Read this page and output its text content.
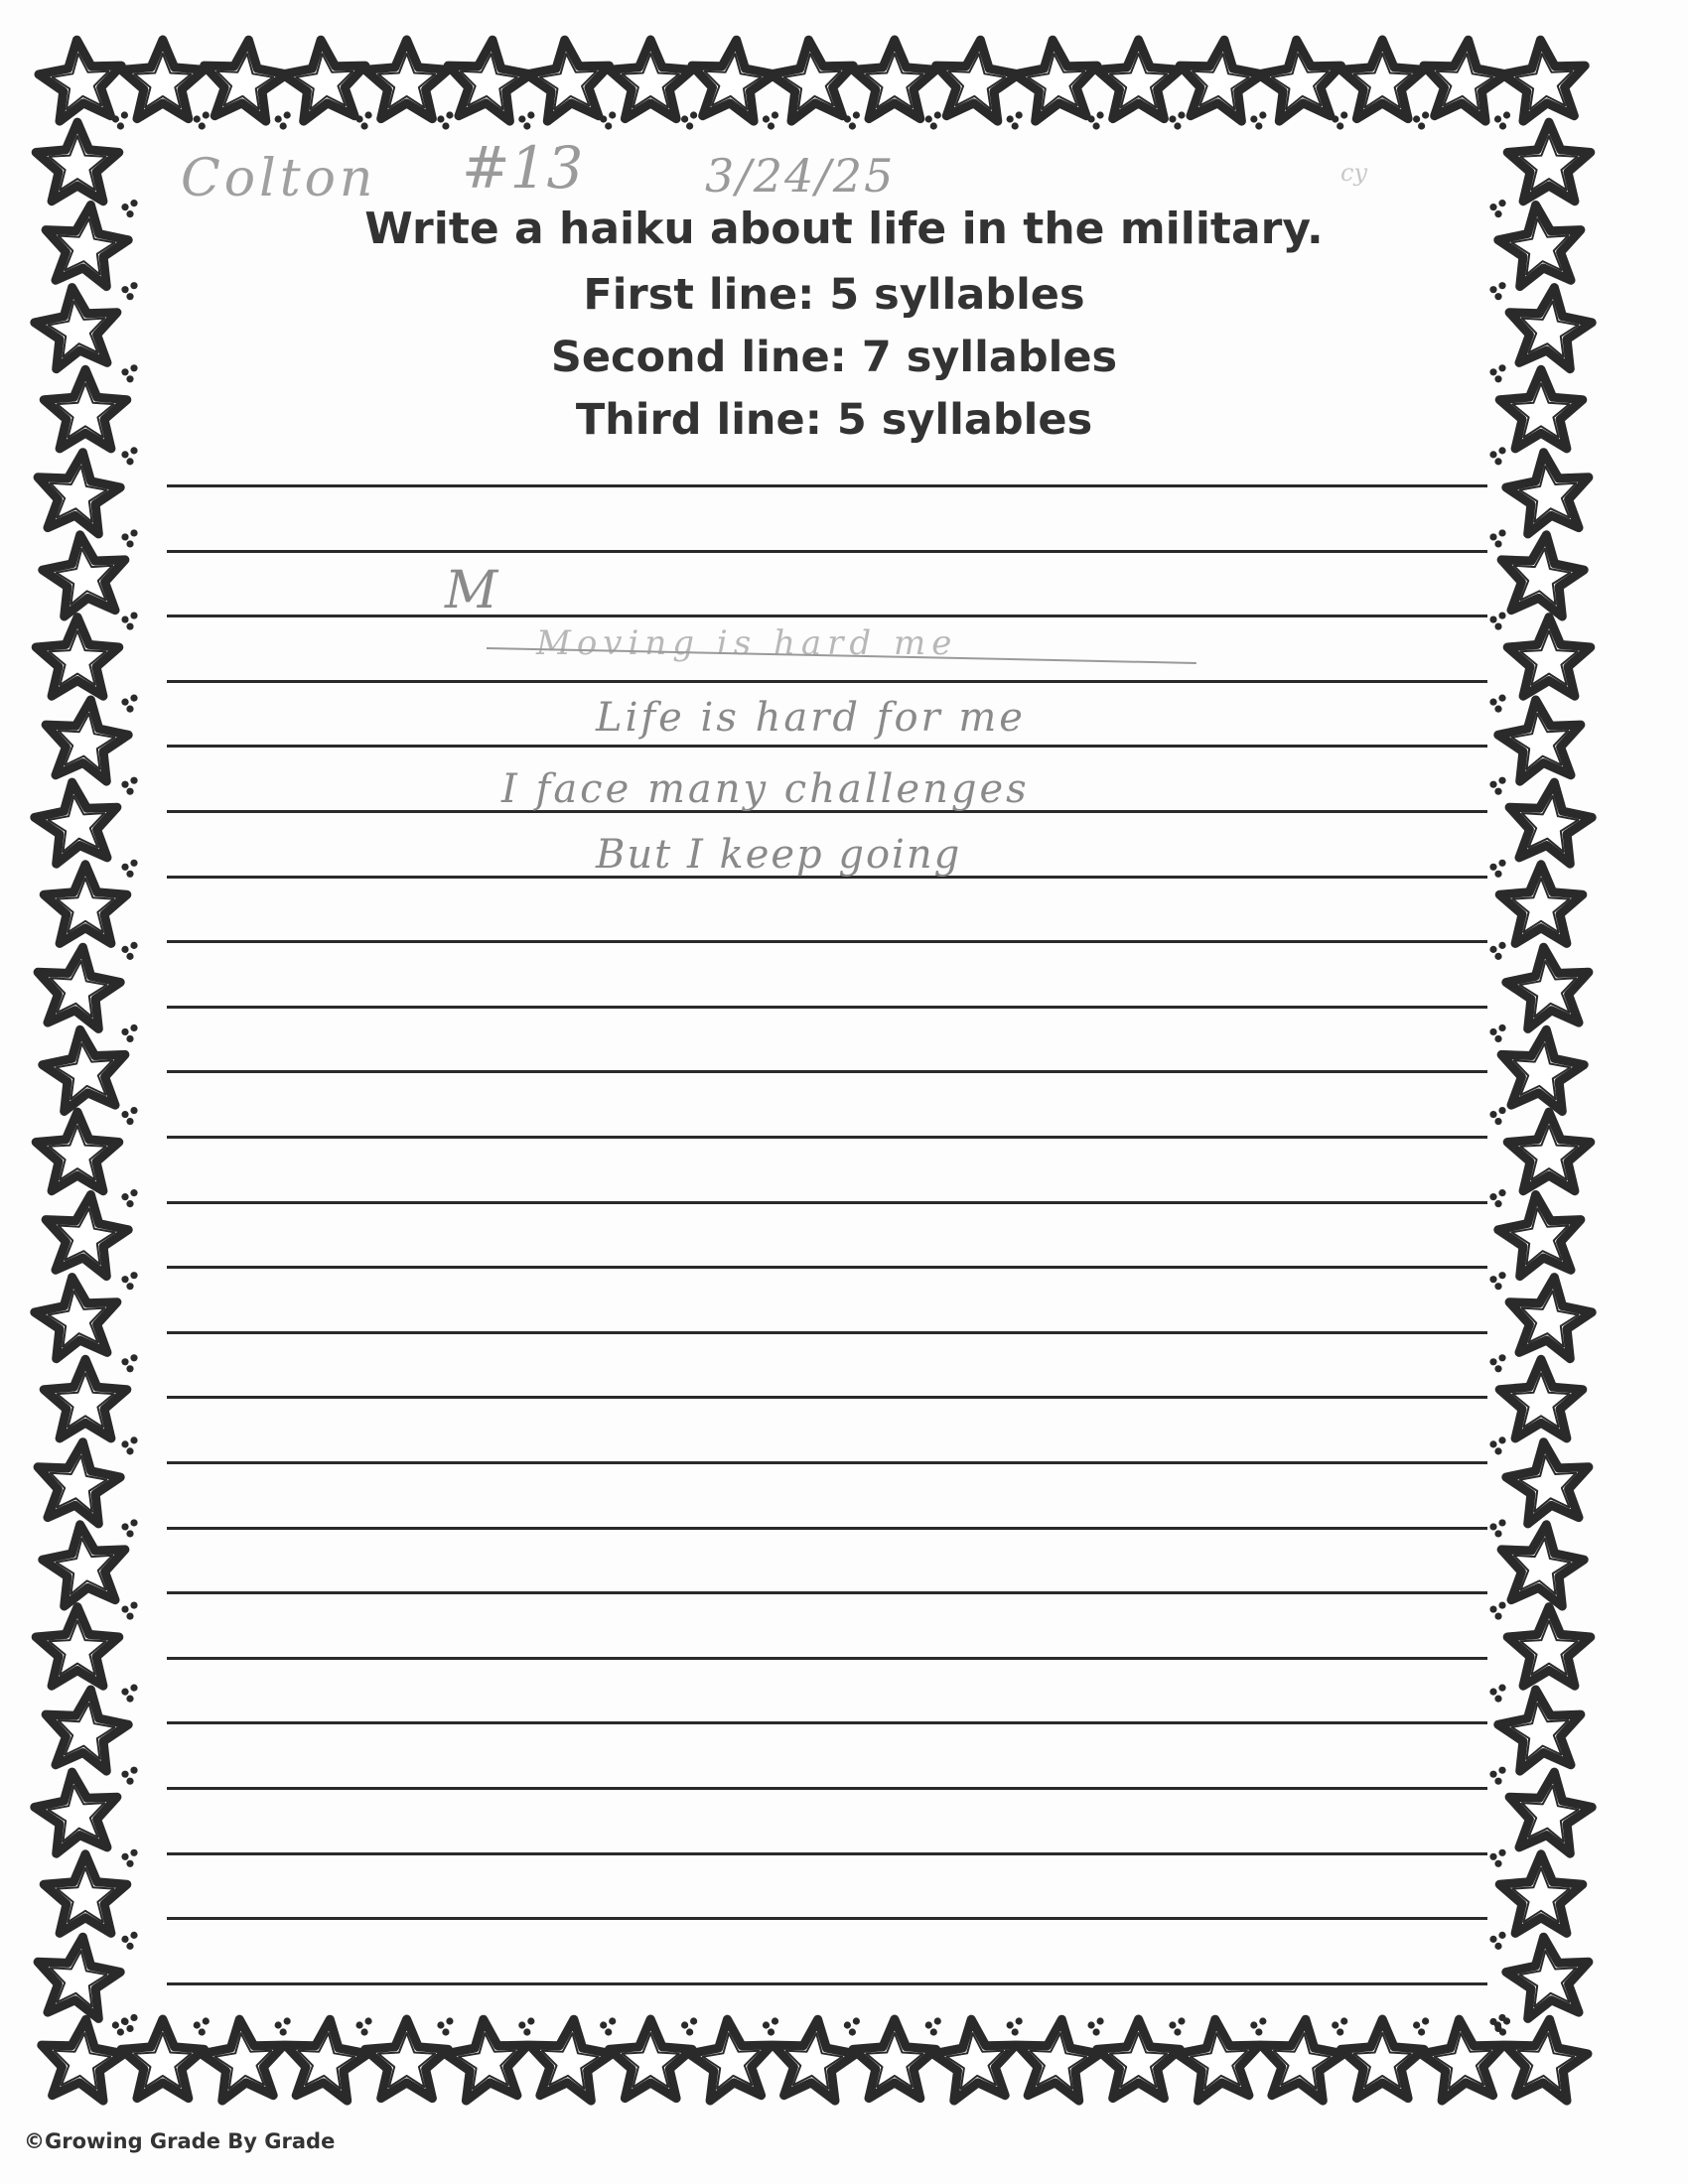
Colton #13	3/24/25	cy
Write a haiku about life in the military.
First line: 5 syllables
Second line: 7 syllables
Third line: 5 syllables
M
Moving is hard me
Life is hard for me
I face many challenges
But I keep going
©Growing Grade By Grade
